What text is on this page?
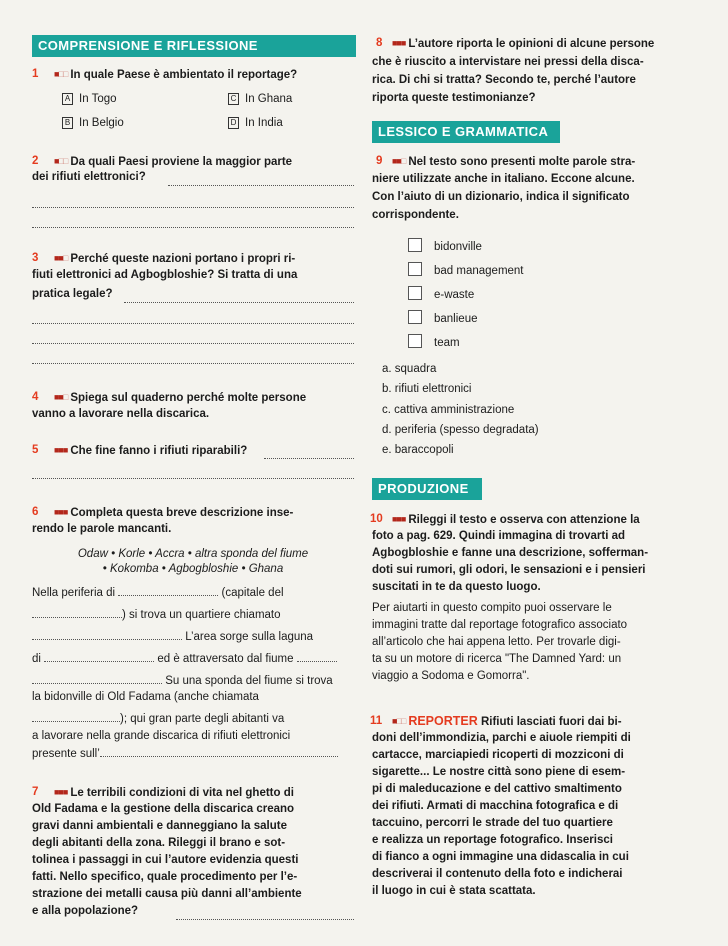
COMPRENSIONE E RIFLESSIONE
1 ■□□ In quale Paese è ambientato il reportage?
A In Togo	C In Ghana
B In Belgio	D In India
2 ■□□ Da quali Paesi proviene la maggior parte
dei rifiuti elettronici?
3 ■■□ Perché queste nazioni portano i propri ri-
fiuti elettronici ad Agbogbloshie? Si tratta di una
pratica legale?
4 ■■□ Spiega sul quaderno perché molte persone
vanno a lavorare nella discarica.
5 ■■■ Che fine fanno i rifiuti riparabili?
6 ■■■ Completa questa breve descrizione inse-
rendo le parole mancanti.
Odaw • Korle • Accra • altra sponda del fiume
• Kokomba • Agbogbloshie • Ghana
Nella periferia di	(capitale del
) si trova un quartiere chiamato
L’area sorge sulla laguna
di	ed è attraversato dal fiume
Su una sponda del fiume si trova
la bidonville di Old Fadama (anche chiamata
); qui gran parte degli abitanti va
a lavorare nella grande discarica di rifiuti elettronici
presente sull’
7 ■■■ Le terribili condizioni di vita nel ghetto di
Old Fadama e la gestione della discarica creano
gravi danni ambientali e danneggiano la salute
degli abitanti della zona. Rileggi il brano e sot-
tolinea i passaggi in cui l’autore evidenzia questi
fatti. Nello specifico, quale procedimento per l’e-
strazione dei metalli causa più danni all’ambiente
e alla popolazione?
8 ■■■ L’autore riporta le opinioni di alcune persone
che è riuscito a intervistare nei pressi della disca-
rica. Di chi si tratta? Secondo te, perché l’autore
riporta queste testimonianze?
LESSICO E GRAMMATICA
9 ■■□ Nel testo sono presenti molte parole stra-
niere utilizzate anche in italiano. Eccone alcune.
Con l’aiuto di un dizionario, indica il significato
corrispondente.
bidonville
bad management
e-waste
banlieue
team
a. squadra
b. rifiuti elettronici
c. cattiva amministrazione
d. periferia (spesso degradata)
e. baraccopoli
PRODUZIONE
10 ■■■ Rileggi il testo e osserva con attenzione la
foto a pag. 629. Quindi immagina di trovarti ad
Agbogbloshie e fanne una descrizione, sofferman-
doti sui rumori, gli odori, le sensazioni e i pensieri
suscitati in te da questo luogo.
Per aiutarti in questo compito puoi osservare le
immagini tratte dal reportage fotografico associato
all’articolo che hai appena letto. Per trovarle digi-
ta su un motore di ricerca "The Damned Yard: un
viaggio a Sodoma e Gomorra".
11 ■□□ REPORTER Rifiuti lasciati fuori dai bi-
doni dell’immondizia, parchi e aiuole riempiti di
cartacce, marciapiedi ricoperti di mozziconi di
sigarette... Le nostre città sono piene di esem-
pi di maleducazione e del cattivo smaltimento
dei rifiuti. Armati di macchina fotografica e di
taccuino, percorri le strade del tuo quartiere
e realizza un reportage fotografico. Inserisci
di fianco a ogni immagine una didascalia in cui
descriverai il contenuto della foto e indicherai
il luogo in cui è stata scattata.
